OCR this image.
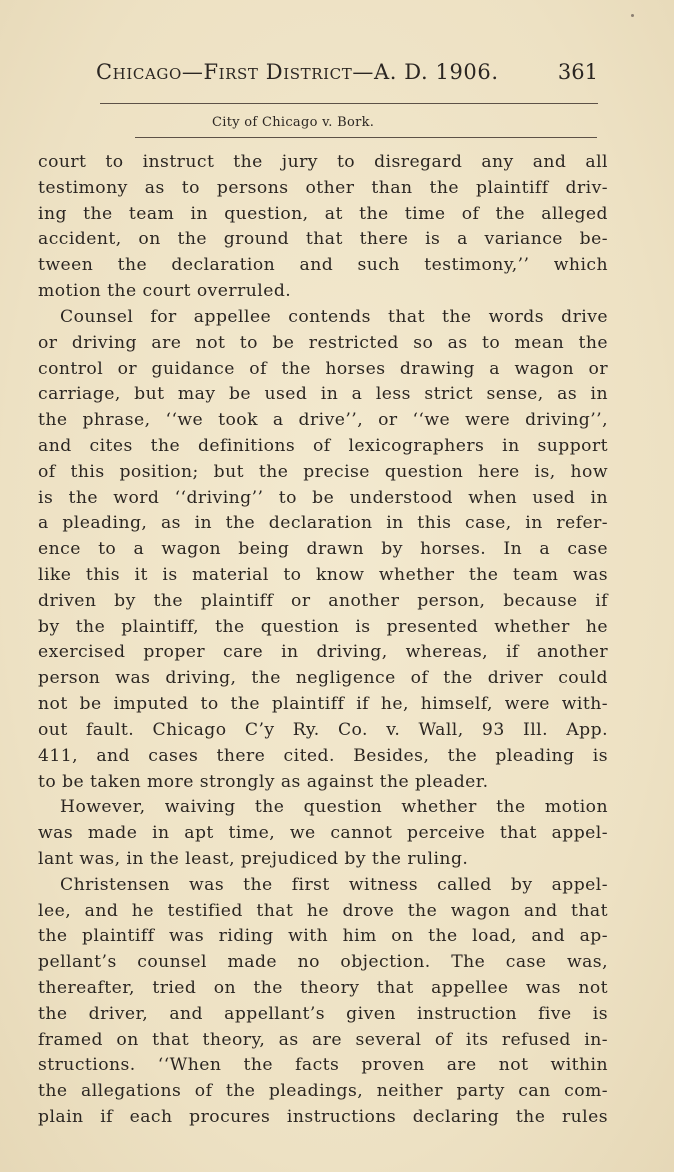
Chicago—First District—A. D. 1906.	361
City of Chicago v. Bork.
court to instruct the jury to disregard any and all
testimony as to persons other than the plaintiff driv-
ing the team in question, at the time of the alleged
accident, on the ground that there is a variance be-
tween the declaration and such testimony,’’ which
motion the court overruled.
Counsel for appellee contends that the words drive
or driving are not to be restricted so as to mean the
control or guidance of the horses drawing a wagon or
carriage, but may be used in a less strict sense, as in
the phrase, ‘‘we took a drive’’, or ‘‘we were driving’’,
and cites the definitions of lexicographers in support
of this position; but the precise question here is, how
is the word ‘‘driving’’ to be understood when used in
a pleading, as in the declaration in this case, in refer-
ence to a wagon being drawn by horses. In a case
like this it is material to know whether the team was
driven by the plaintiff or another person, because if
by the plaintiff, the question is presented whether he
exercised proper care in driving, whereas, if another
person was driving, the negligence of the driver could
not be imputed to the plaintiff if he, himself, were with-
out fault. Chicago C’y Ry. Co. v. Wall, 93 Ill. App.
411, and cases there cited. Besides, the pleading is
to be taken more strongly as against the pleader.
However, waiving the question whether the motion
was made in apt time, we cannot perceive that appel-
lant was, in the least, prejudiced by the ruling.
Christensen was the first witness called by appel-
lee, and he testified that he drove the wagon and that
the plaintiff was riding with him on the load, and ap-
pellant’s counsel made no objection. The case was,
thereafter, tried on the theory that appellee was not
the driver, and appellant’s given instruction five is
framed on that theory, as are several of its refused in-
structions. ‘‘When the facts proven are not within
the allegations of the pleadings, neither party can com-
plain if each procures instructions declaring the rules
